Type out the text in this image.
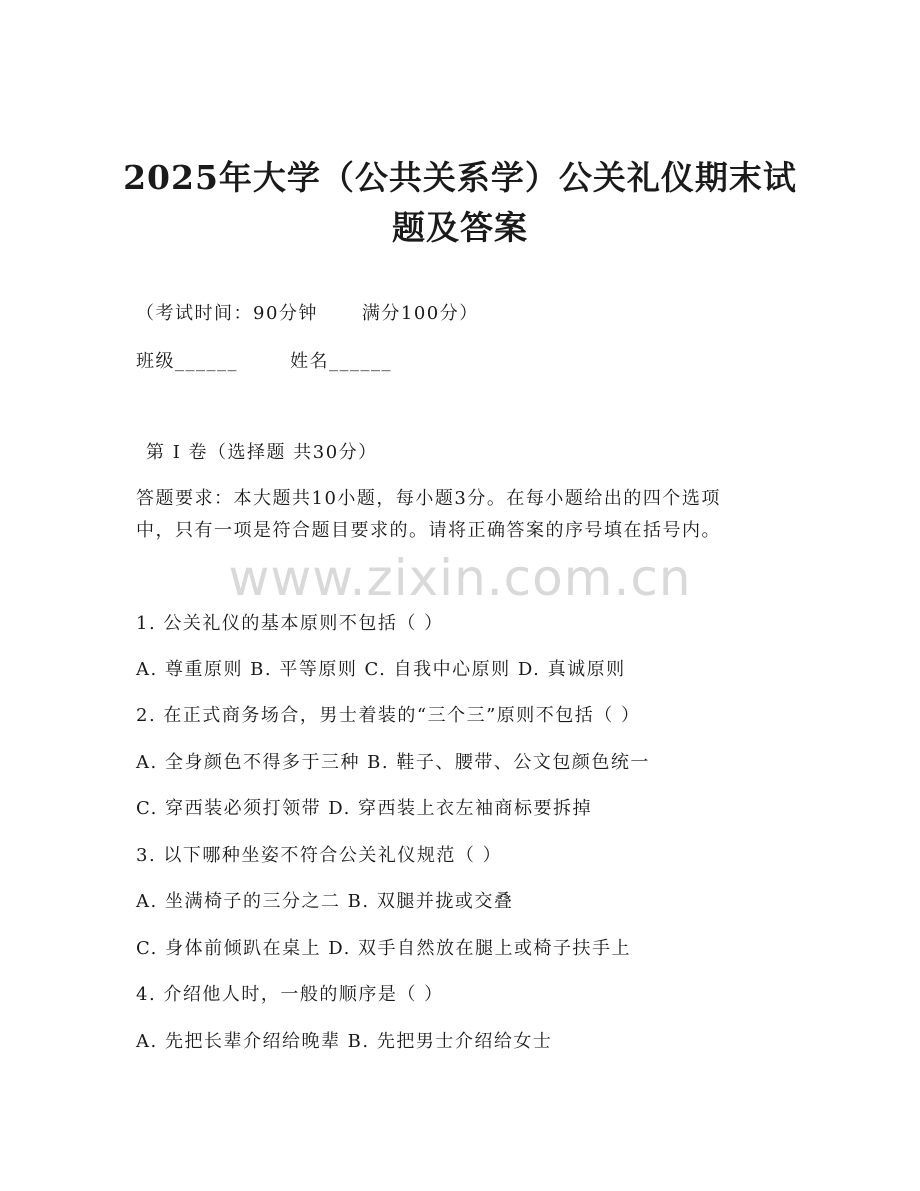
2025年大学（公共关系学）公关礼仪期末试
题及答案
（考试时间：90分钟 满分100分）
班级______	姓名______
第 I 卷（选择题 共30分）
答题要求：本大题共10小题，每小题3分。在每小题给出的四个选项
中，只有一项是符合题目要求的。请将正确答案的序号填在括号内。
www.zixin.com.cn
1. 公关礼仪的基本原则不包括（ ）
A. 尊重原则 B. 平等原则 C. 自我中心原则 D. 真诚原则
2. 在正式商务场合，男士着装的“三个三”原则不包括（ ）
A. 全身颜色不得多于三种 B. 鞋子、腰带、公文包颜色统一
C. 穿西装必须打领带 D. 穿西装上衣左袖商标要拆掉
3. 以下哪种坐姿不符合公关礼仪规范（ ）
A. 坐满椅子的三分之二 B. 双腿并拢或交叠
C. 身体前倾趴在桌上 D. 双手自然放在腿上或椅子扶手上
4. 介绍他人时，一般的顺序是（ ）
A. 先把长辈介绍给晚辈 B. 先把男士介绍给女士
